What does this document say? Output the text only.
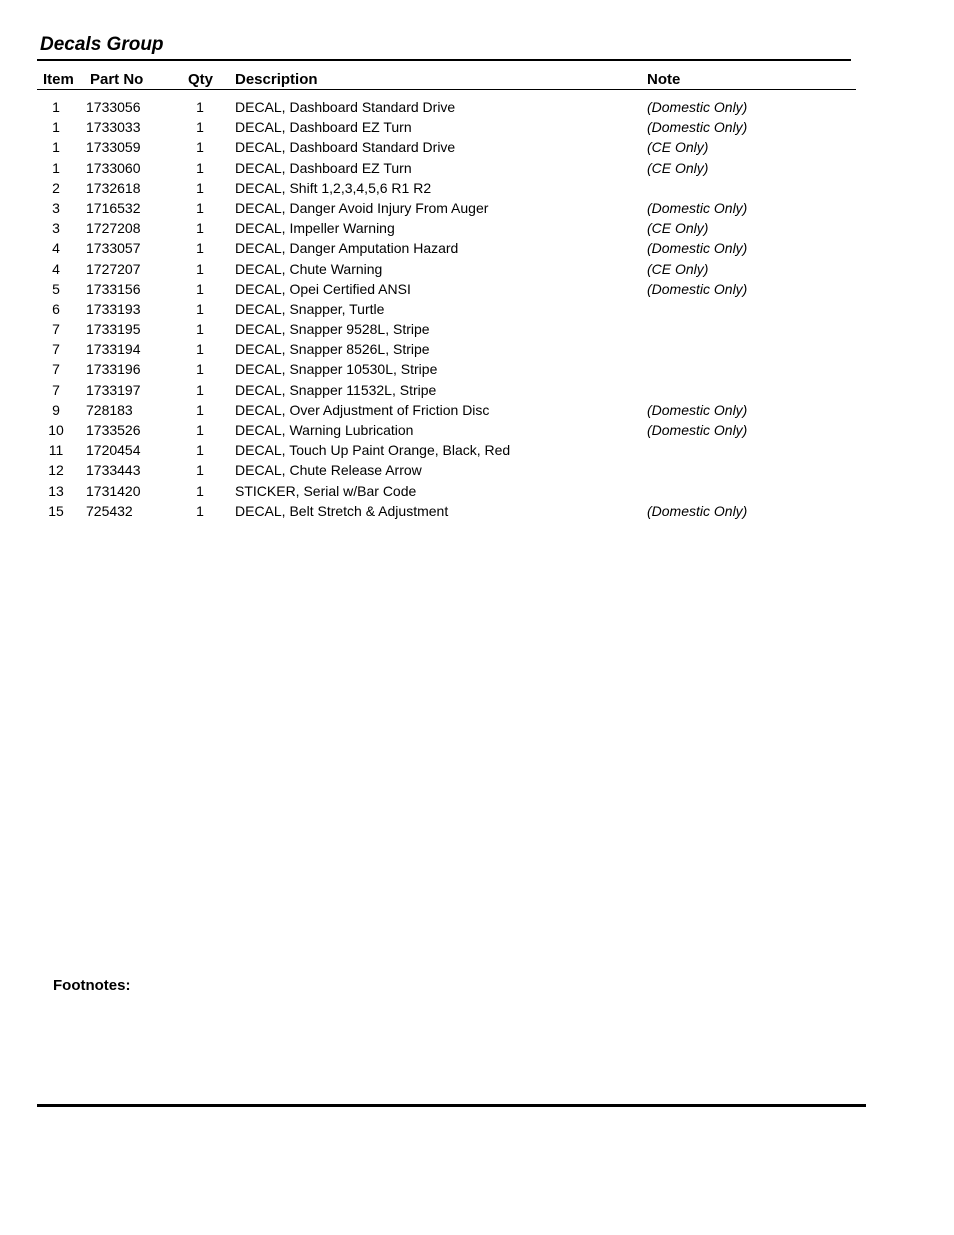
Decals Group
Item Part No	Qty Description	Note
1	1733056	1 DECAL, Dashboard Standard Drive	(Domestic Only)
1	1733033	1 DECAL, Dashboard EZ Turn	(Domestic Only)
1	1733059	1 DECAL, Dashboard Standard Drive	(CE Only)
1	1733060	1 DECAL, Dashboard EZ Turn	(CE Only)
2	1732618	1 DECAL, Shift 1,2,3,4,5,6 R1 R2
3	1716532	1 DECAL, Danger Avoid Injury From Auger	(Domestic Only)
3	1727208	1 DECAL, Impeller Warning	(CE Only)
4	1733057	1 DECAL, Danger Amputation Hazard	(Domestic Only)
4	1727207	1 DECAL, Chute Warning	(CE Only)
5	1733156	1 DECAL, Opei Certified ANSI	(Domestic Only)
6	1733193	1 DECAL, Snapper, Turtle
7	1733195	1 DECAL, Snapper 9528L, Stripe
7	1733194	1 DECAL, Snapper 8526L, Stripe
7	1733196	1 DECAL, Snapper 10530L, Stripe
7	1733197	1 DECAL, Snapper 11532L, Stripe
9	728183	1 DECAL, Over Adjustment of Friction Disc	(Domestic Only)
10	1733526	1 DECAL, Warning Lubrication	(Domestic Only)
11	1720454	1 DECAL, Touch Up Paint Orange, Black, Red
12	1733443	1 DECAL, Chute Release Arrow
13	1731420	1 STICKER, Serial w/Bar Code
15	725432	1 DECAL, Belt Stretch & Adjustment	(Domestic Only)
Footnotes:
